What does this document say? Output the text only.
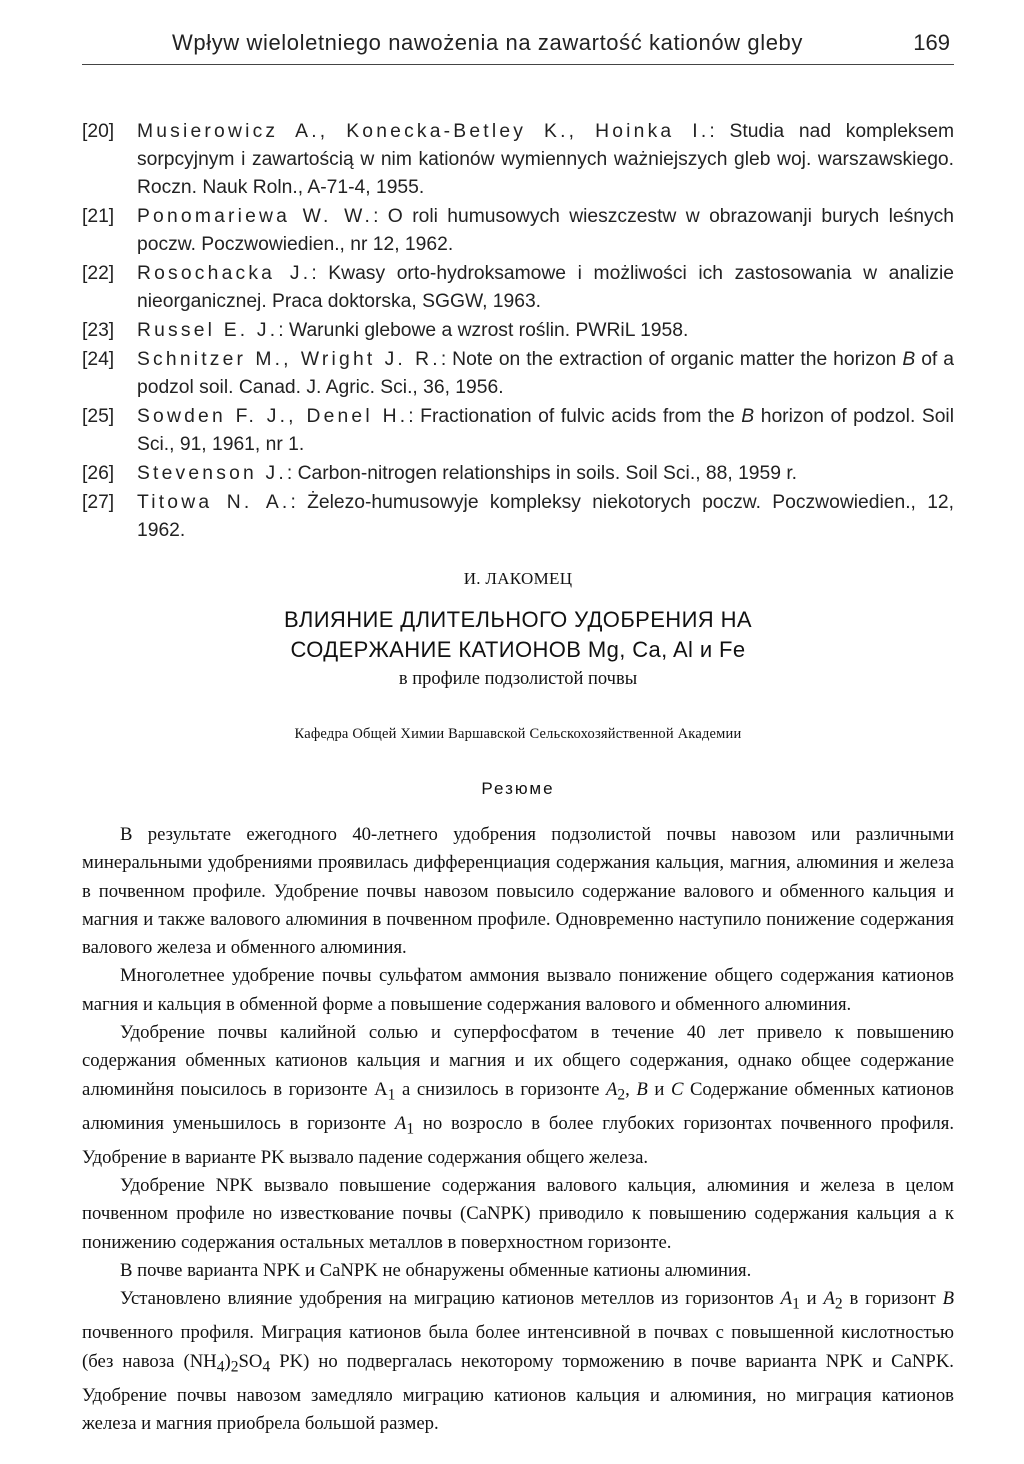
Wpływ wieloletniego nawożenia na zawartość kationów gleby	169
[20] Musierowicz A., Konecka-Betley K., Hoinka I.: Studia nad kompleksem sorpcyjnym i zawartością w nim kationów wymiennych ważniejszych gleb woj. warszawskiego. Roczn. Nauk Roln., A-71-4, 1955.
[21] Ponomariewa W. W.: O roli humusowych wieszczestw w obrazowanji burych leśnych poczw. Poczwowiedien., nr 12, 1962.
[22] Rosochacka J.: Kwasy orto-hydroksamowe i możliwości ich zastosowania w analizie nieorganicznej. Praca doktorska, SGGW, 1963.
[23] Russel E. J.: Warunki glebowe a wzrost roślin. PWRiL 1958.
[24] Schnitzer M., Wright J. R.: Note on the extraction of organic matter the horizon B of a podzol soil. Canad. J. Agric. Sci., 36, 1956.
[25] Sowden F. J., Denel H.: Fractionation of fulvic acids from the B horizon of podzol. Soil Sci., 91, 1961, nr 1.
[26] Stevenson J.: Carbon-nitrogen relationships in soils. Soil Sci., 88, 1959 r.
[27] Titowa N. A.: Żelezo-humusowyje kompleksy niekotorych poczw. Poczwowiedien., 12, 1962.
И. ЛАКОМЕЦ
ВЛИЯНИЕ ДЛИТЕЛЬНОГО УДОБРЕНИЯ НА
СОДЕРЖАНИЕ КАТИОНОВ Mg, Ca, Al и Fe
в профиле подзолистой почвы
Кафедра Общей Химии Варшавской Сельскохозяйственной Академии
Резюме

В результате ежегодного 40-летнего удобрения подзолистой почвы навозом или различными минеральными удобрениями проявилась дифференциация содержания кальция, магния, алюминия и железа в почвенном профиле. Удобрение почвы навозом повысило содержание валового и обменного кальция и магния и также валового алюминия в почвенном профиле. Одновременно наступило понижение содержания валового железа и обменного алюминия.

Многолетнее удобрение почвы сульфатом аммония вызвало понижение общего содержания катионов магния и кальция в обменной форме а повышение содержания валового и обменного алюминия.

Удобрение почвы калийной солью и суперфосфатом в течение 40 лет привело к повышению содержания обменных катионов кальция и магния и их общего содержания, однако общее содержание алюминйня поысилось в горизонте $A_1$ а снизилось в горизонте $A_2$, B и C Содержание обменных катионов алюминия уменьшилось в горизонте $A_1$ но возросло в более глубоких горизонтах почвенного профиля. Удобрение в варианте PK вызвало падение содержания общего железа.

Удобрение NPK вызвало повышение содержания валового кальция, алюминия и железа в целом почвенном профиле но известкование почвы (CaNPK) приводило к повышению содержания кальция а к понижению содержания остальных металлов в поверхностном горизонте.

В почве варианта NPK и CaNPK не обнаружены обменные катионы алюминия.

Установлено влияние удобрения на миграцию катионов метеллов из горизонтов $A_1$ и $A_2$ в горизонт B почвенного профиля. Миграция катионов была более интенсивной в почвах с повышенной кислотностью (без навоза $(NH_4)_2SO_4$ PK) но подвергалась некоторому торможению в почве варианта NPK и CaNPK. Удобрение почвы навозом замедляло миграцию катионов кальция и алюминия, но миграция катионов железа и магния приобрела большой размер.
